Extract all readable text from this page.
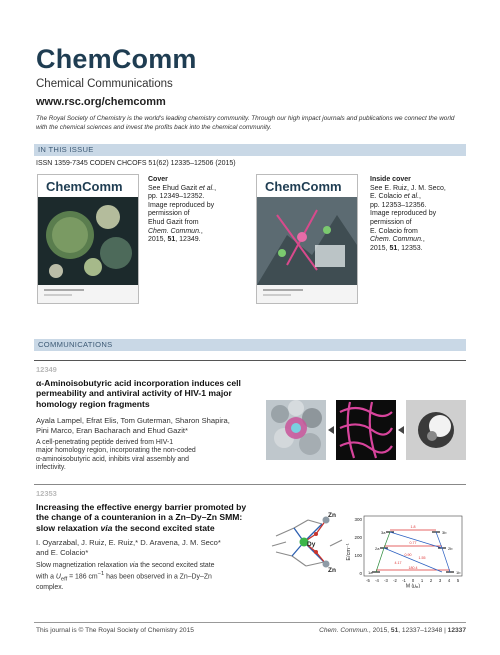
ChemComm
Chemical Communications
www.rsc.org/chemcomm
The Royal Society of Chemistry is the world's leading chemistry community. Through our high impact journals and publications we connect the world with the chemical sciences and invest the profits back into the chemical community.
IN THIS ISSUE
ISSN 1359-7345 CODEN CHCOFS 51(62) 12335–12506 (2015)
ChemComm	Cover
See Ehud Gazit et al.,
pp. 12349–12352.
Image reproduced by
permission of
Ehud Gazit from
Chem. Commun.,
2015, 51, 12349.
ChemComm	Inside cover
See E. Ruiz, J. M. Seco,
E. Colacio et al.,
pp. 12353–12356.
Image reproduced by
permission of
E. Colacio from
Chem. Commun.,
2015, 51, 12353.
COMMUNICATIONS
12349
α-Aminoisobutyric acid incorporation induces cell
permeability and antiviral activity of HIV-1 major
homology region fragments
Ayala Lampel, Efrat Elis, Tom Guterman, Sharon Shapira,
Pini Marco, Eran Bacharach and Ehud Gazit*
A cell-penetrating peptide derived from HIV-1
major homology region, incorporating the non-coded
α-aminoisobutyric acid, inhibits viral assembly and
infectivity.
12353
Increasing the effective energy barrier promoted by
the change of a counteranion in a Zn–Dy–Zn SMM:
slow relaxation via the second excited state
I. Oyarzabal, J. Ruiz, E. Ruiz,* D. Aravena, J. M. Seco*
and E. Colacio*
Slow magnetization relaxation via the second excited state
with a $U_{eff} = 186$ $cm^{-1}$ has been observed in a Zn–Dy–Zn
complex.
Zn
Dy
Zn
E/cm⁻¹
300
200
100
0
-5 -4 -3 -2 -1 0 1 2 3 4 5
M $(\mu_B)$
1a	1b
2a	2b
3a	3b
1.8
0.77
0.90
1.55
4.17
180.4
This journal is © The Royal Society of Chemistry 2015	Chem. Commun., 2015, 51, 12337–12348 | 12337
